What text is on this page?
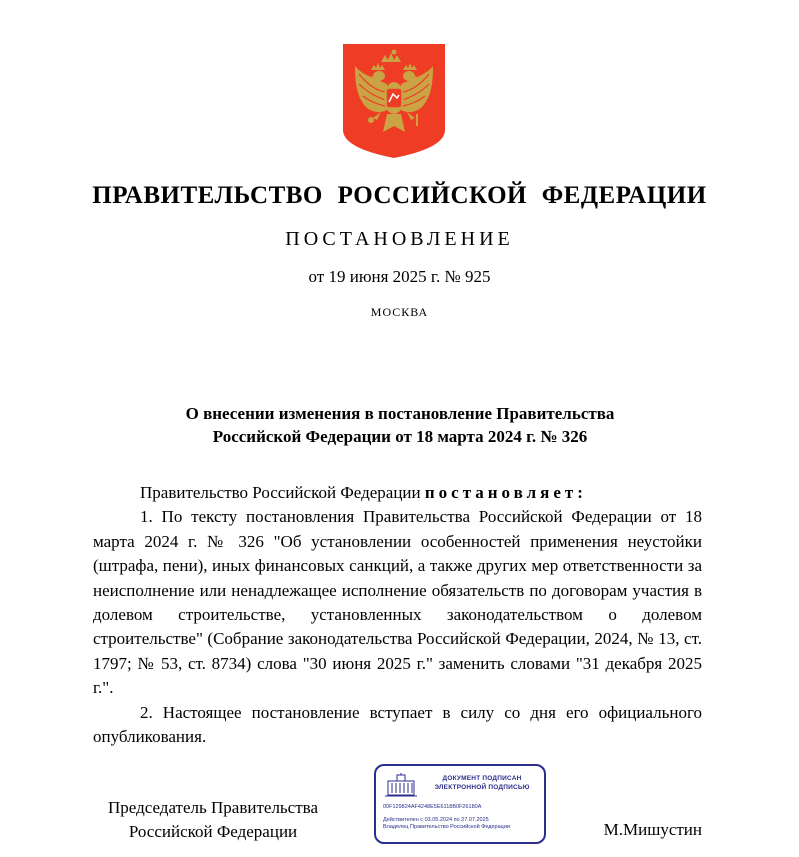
ПРАВИТЕЛЬСТВО РОССИЙСКОЙ ФЕДЕРАЦИИ
ПОСТАНОВЛЕНИЕ
от 19 июня 2025 г. № 925
МОСКВА
О внесении изменения в постановление Правительства
Российской Федерации от 18 марта 2024 г. № 326

Правительство Российской Федерации постановляет:

1. По тексту постановления Правительства Российской Федерации от 18 марта 2024 г. № 326 "Об установлении особенностей применения неустойки (штрафа, пени), иных финансовых санкций, а также других мер ответственности за неисполнение или ненадлежащее исполнение обязательств по договорам участия в долевом строительстве, установленных законодательством о долевом строительстве" (Собрание законодательства Российской Федерации, 2024, № 13, ст. 1797; № 53, ст. 8734) слова "30 июня 2025 г." заменить словами "31 декабря 2025 г.".

2. Настоящее постановление вступает в силу со дня его официального опубликования.

ДОКУМЕНТ ПОДПИСАН
ЭЛЕКТРОННОЙ ПОДПИСЬЮ
00F129824AF4248E5E6118B0F26180A
Действителен с 03.05.2024 по 27.07.2025
Владелец Правительство Российской Федерации
Председатель Правительства
Российской Федерации	М.Мишустин
